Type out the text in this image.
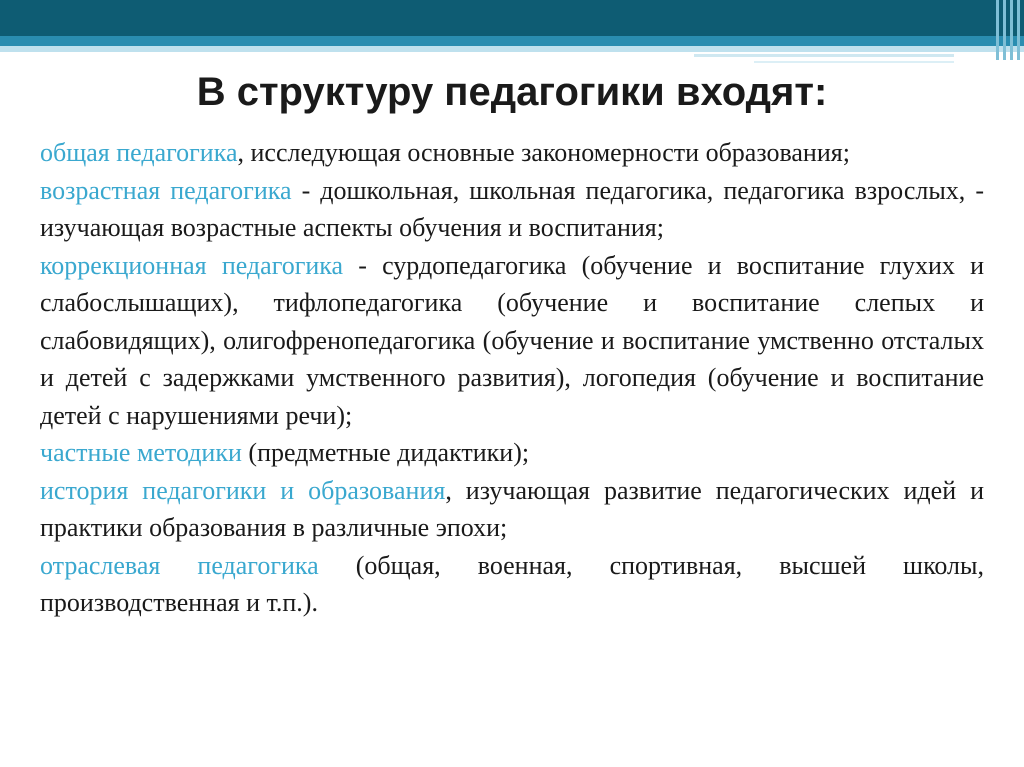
В структуру педагогики входят:

общая педагогика, исследующая основные закономерности образования;

возрастная педагогика - дошкольная, школьная педагогика, педагогика взрослых, - изучающая возрастные аспекты обучения и воспитания;

коррекционная педагогика - сурдопедагогика (обучение и воспитание глухих и слабослышащих), тифлопедагогика (обучение и воспитание слепых и слабовидящих), олигофренопедагогика (обучение и воспитание умственно отсталых и детей с задержками умственного развития), логопедия (обучение и воспитание детей с нарушениями речи);

частные методики (предметные дидактики);

история педагогики и образования, изучающая развитие педагогических идей и практики образования в различные эпохи;

отраслевая педагогика (общая, военная, спортивная, высшей школы, производственная и т.п.).
